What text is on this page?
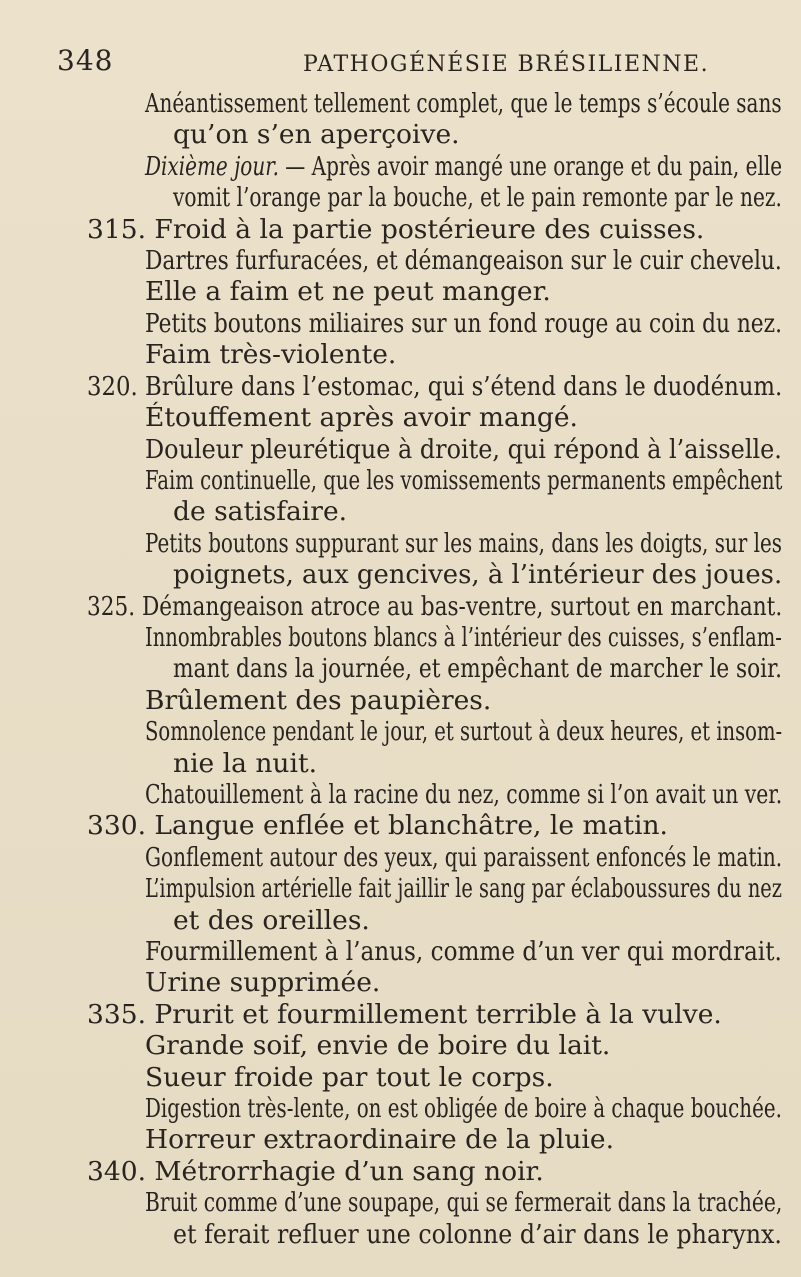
348	PATHOGÉNÉSIE BRÉSILIENNE.
Anéantissement tellement complet, que le temps s’écoule sans
qu’on s’en aperçoive.
Dixième jour. — Après avoir mangé une orange et du pain, elle
vomit l’orange par la bouche, et le pain remonte par le nez.
315. Froid à la partie postérieure des cuisses.
Dartres furfuracées, et démangeaison sur le cuir chevelu.
Elle a faim et ne peut manger.
Petits boutons miliaires sur un fond rouge au coin du nez.
Faim très-violente.
320. Brûlure dans l’estomac, qui s’étend dans le duodénum.
Étouffement après avoir mangé.
Douleur pleurétique à droite, qui répond à l’aisselle.
Faim continuelle, que les vomissements permanents empêchent
de satisfaire.
Petits boutons suppurant sur les mains, dans les doigts, sur les
poignets, aux gencives, à l’intérieur des joues.
325. Démangeaison atroce au bas-ventre, surtout en marchant.
Innombrables boutons blancs à l’intérieur des cuisses, s’enflam-
mant dans la journée, et empêchant de marcher le soir.
Brûlement des paupières.
Somnolence pendant le jour, et surtout à deux heures, et insom-
nie la nuit.
Chatouillement à la racine du nez, comme si l’on avait un ver.
330. Langue enflée et blanchâtre, le matin.
Gonflement autour des yeux, qui paraissent enfoncés le matin.
L’impulsion artérielle fait jaillir le sang par éclaboussures du nez
et des oreilles.
Fourmillement à l’anus, comme d’un ver qui mordrait.
Urine supprimée.
335. Prurit et fourmillement terrible à la vulve.
Grande soif, envie de boire du lait.
Sueur froide par tout le corps.
Digestion très-lente, on est obligée de boire à chaque bouchée.
Horreur extraordinaire de la pluie.
340. Métrorrhagie d’un sang noir.
Bruit comme d’une soupape, qui se fermerait dans la trachée,
et ferait refluer une colonne d’air dans le pharynx.
